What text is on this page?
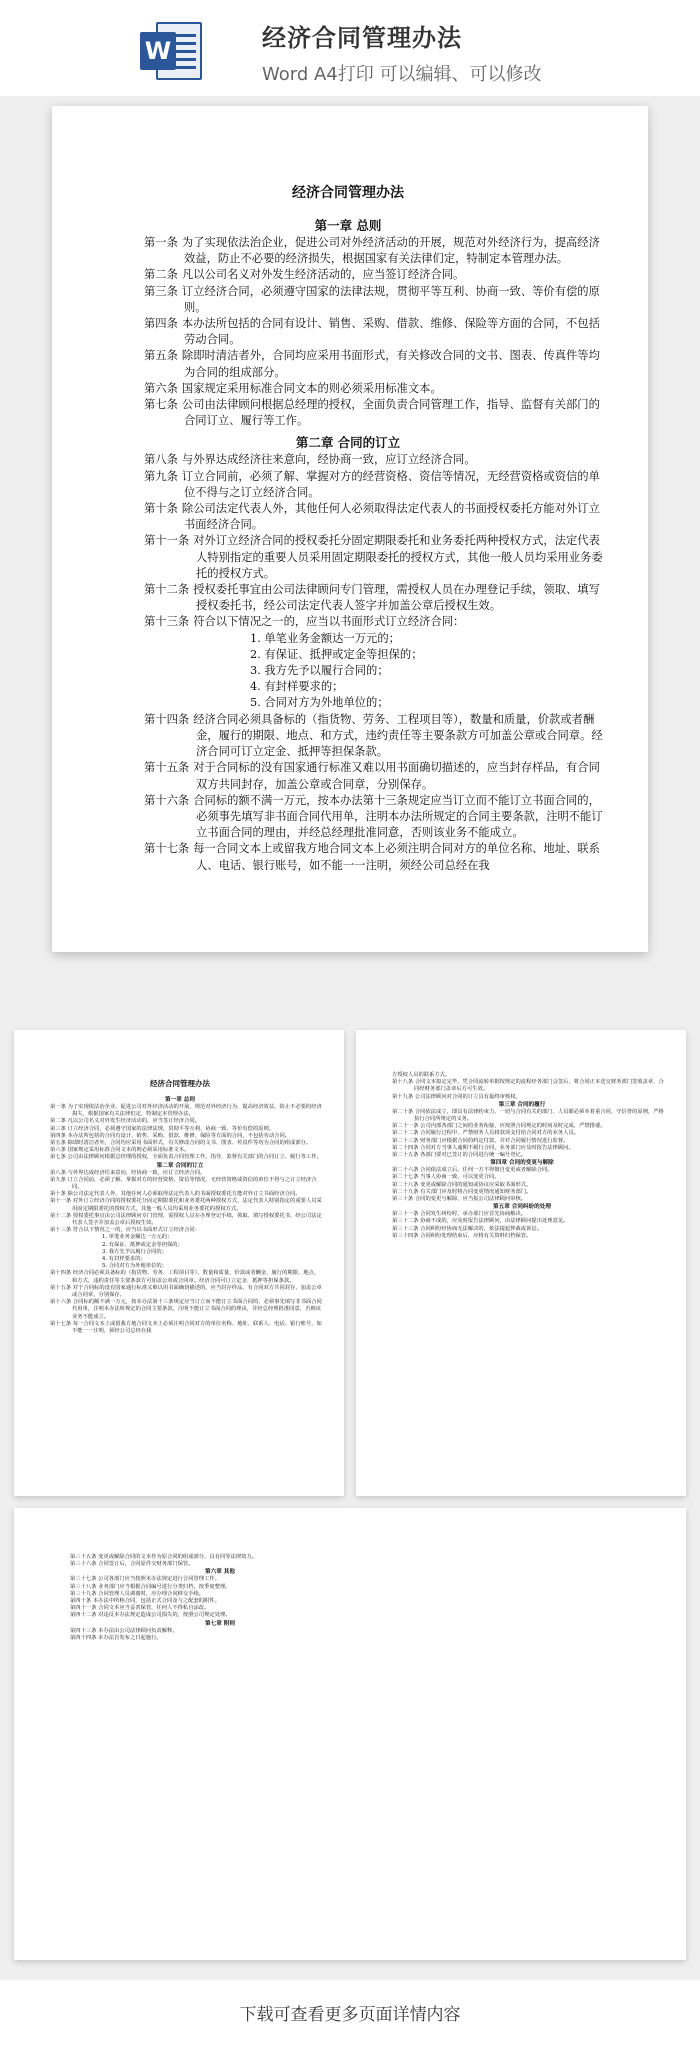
W	经济合同管理办法
Word A4打印 可以编辑、可以修改
经济合同管理办法
第一章 总则
第一条 为了实现依法治企业，促进公司对外经济活动的开展，规范对外经济行为，提高经济效益，防止不必要的经济损失，根据国家有关法律们定，特制定本管理办法。
第二条 凡以公司名义对外发生经济活动的，应当签订经济合同。
第三条 订立经济合同，必须遵守国家的法律法规，贯彻平等互利、协商一致、等价有偿的原则。
第四条 本办法所包括的合同有设计、销售、采购、借款、维修、保险等方面的合同，不包括劳动合同。
第五条 除即时清洁者外，合同均应采用书面形式，有关修改合同的文书、图表、传真件等均为合同的组成部分。
第六条 国家规定采用标准合同文本的则必须采用标准文本。
第七条 公司由法律顾问根据总经理的授权，全面负责合同管理工作，指导、监督有关部门的合同订立、履行等工作。
第二章 合同的订立
第八条 与外界达成经济往来意向，经协商一致，应订立经济合同。
第九条 订立合同前，必须了解、掌握对方的经营资格、资信等情况，无经营资格或资信的单位不得与之订立经济合同。
第十条 除公司法定代表人外，其他任何人必须取得法定代表人的书面授权委托方能对外订立书面经济合同。
第十一条 对外订立经济合同的授权委托分固定期限委托和业务委托两种授权方式，法定代表人特别指定的重要人员采用固定期限委托的授权方式，其他一般人员均采用业务委托的授权方式。
第十二条 授权委托事宜由公司法律顾问专门管理，需授权人员在办理登记手续，领取、填写授权委托书，经公司法定代表人签字并加盖公章后授权生效。
第十三条 符合以下情况之一的，应当以书面形式订立经济合同：
1. 单笔业务金额达一万元的；
2. 有保证、抵押或定金等担保的；
3. 我方先予以履行合同的；
4. 有封样要求的；
5. 合同对方为外地单位的；
第十四条 经济合同必须具备标的（指货物、劳务、工程项目等），数量和质量，价款或者酬金，履行的期限、地点、和方式，违约责任等主要条款方可加盖公章或合同章。经济合同可订立定金、抵押等担保条款。
第十五条 对于合同标的没有国家通行标准又难以用书面确切描述的，应当封存样品，有合同双方共同封存，加盖公章或合同章，分别保存。
第十六条 合同标的额不满一万元，按本办法第十三条规定应当订立而不能订立书面合同的，必须事先填写非书面合同代用单，注明本办法所规定的合同主要条款，注明不能订立书面合同的理由，并经总经理批准同意，否则该业务不能成立。
第十七条 每一合同文本上或留我方地合同文本上必须注明合同对方的单位名称、地址、联系人、电话、银行账号，如不能一一注明，须经公司总经在我
经济合同管理办法
第一章 总则
第一条 为了实现依法治企业，促进公司对外经济活动的开展，规范对外经济行为，提高经济效益，防止不必要的经济损失，根据国家有关法律们定，特制定本管理办法。
第二条 凡以公司名义对外发生经济活动的，应当签订经济合同。
第三条 订立经济合同，必须遵守国家的法律法规，贯彻平等互利、协商一致、等价有偿的原则。
第四条 本办法所包括的合同有设计、销售、采购、借款、维修、保险等方面的合同，不包括劳动合同。
第五条 除即时清洁者外，合同均应采用书面形式，有关修改合同的文书、图表、传真件等均为合同的组成部分。
第六条 国家规定采用标准合同文本的则必须采用标准文本。
第七条 公司由法律顾问根据总经理的授权，全面负责合同管理工作，指导、监督有关部门的合同订立、履行等工作。
第二章 合同的订立
第八条 与外界达成经济往来意向，经协商一致，应订立经济合同。
第九条 订立合同前，必须了解、掌握对方的经营资格、资信等情况，无经营资格或资信的单位不得与之订立经济合同。
第十条 除公司法定代表人外，其他任何人必须取得法定代表人的书面授权委托方能对外订立书面经济合同。
第十一条 对外订立经济合同的授权委托分固定期限委托和业务委托两种授权方式，法定代表人特别指定的重要人员采用固定期限委托的授权方式，其他一般人员均采用业务委托的授权方式。
第十二条 授权委托事宜由公司法律顾问专门管理，需授权人员在办理登记手续，领取、填写授权委托书，经公司法定代表人签字并加盖公章后授权生效。
第十三条 符合以下情况之一的，应当以书面形式订立经济合同：
1. 单笔业务金额达一万元的；
2. 有保证、抵押或定金等担保的；
3. 我方先予以履行合同的；
4. 有封样要求的；
5. 合同对方为外地单位的；
第十四条 经济合同必须具备标的（指货物、劳务、工程项目等），数量和质量，价款或者酬金，履行的期限、地点、和方式，违约责任等主要条款方可加盖公章或合同章。经济合同可订立定金、抵押等担保条款。
第十五条 对于合同标的没有国家通行标准又难以用书面确切描述的，应当封存样品，有合同双方共同封存，加盖公章或合同章，分别保存。
第十六条 合同标的额不满一万元，按本办法第十三条规定应当订立而不能订立书面合同的，必须事先填写非书面合同代用单，注明本办法所规定的合同主要条款，注明不能订立书面合同的理由，并经总经理批准同意，否则该业务不能成立。
第十七条 每一合同文本上或留我方地合同文本上必须注明合同对方的单位名称、地址、联系人、电话、银行账号，如不能一一注明，须经公司总经在我
方授权人员的联系方式。
第十八条 合同文本拟定完毕，凭合同流转单据按规定的流程经各部门会签后，将合同正本送交财务部门签收盖章，合同经财务部门盖章后方可生效。
第十九条 公司法律顾问对合同的订立具有最终审核权。
第三章 合同的履行
第二十条 合同依法成立，即具有法律约束力，一切与合同有关的部门、人员都必须本着重合同、守信誉的原则，严格执行合同所规定的义务。
第二十一条 公司内部各部门之间的业务衔接，应按照合同规定的时间及时完成，严禁推诿。
第二十二条 合同履行过程中，严禁财务人员将款项支付给合同对方的业务人员。
第二十三条 财务部门应根据合同的约定付款，并对合同履行情况进行监督。
第二十四条 合同对方当事人逾期不履行合同，业务部门应及时报告法律顾问。
第二十五条 各部门要对已签订的合同进行统一编号登记。
第四章 合同的变更与解除
第二十六条 合同依法成立后，任何一方不得擅自变更或者解除合同。
第二十七条 当事人协商一致，可以变更合同。
第二十八条 变更或解除合同的通知或协议应采取书面形式。
第二十九条 有关部门应及时将合同变更情况通知财务部门。
第三十条 合同的变更与解除，应当报公司法律顾问审核。
第五章 合同纠纷的处理
第三十一条 合同发生纠纷时，承办部门应首先协商解决。
第三十二条 协商不成的，应及时报告法律顾问，由法律顾问提出处理意见。
第三十三条 合同纠纷经协商无法解决的，依法提起仲裁或诉讼。
第三十四条 合同纠纷处理结束后，应将有关资料归档保管。
第三十五条 变更或解除合同的文本作为原合同的组成部分，具有同等法律效力。
第三十六条 合同签订后，合同原件交财务部门保管。
第六章 其他
第三十七条 公司各部门应当按照本办法规定进行合同管理工作。
第三十八条 业务部门应当根据合同编号进行分类归档，按季度整理。
第三十九条 合同管理人员调离时，应办理合同移交手续。
第四十条 本办法中所称合同，包括正式合同及与之配套的附件。
第四十一条 合同文本应当妥善保管，任何人不得私自涂改。
第四十二条 对违反本办法规定造成公司损失的，按照公司规定处理。
第七章 附则
第四十三条 本办法由公司法律顾问负责解释。
第四十四条 本办法自发布之日起施行。
下载可查看更多页面详情内容
